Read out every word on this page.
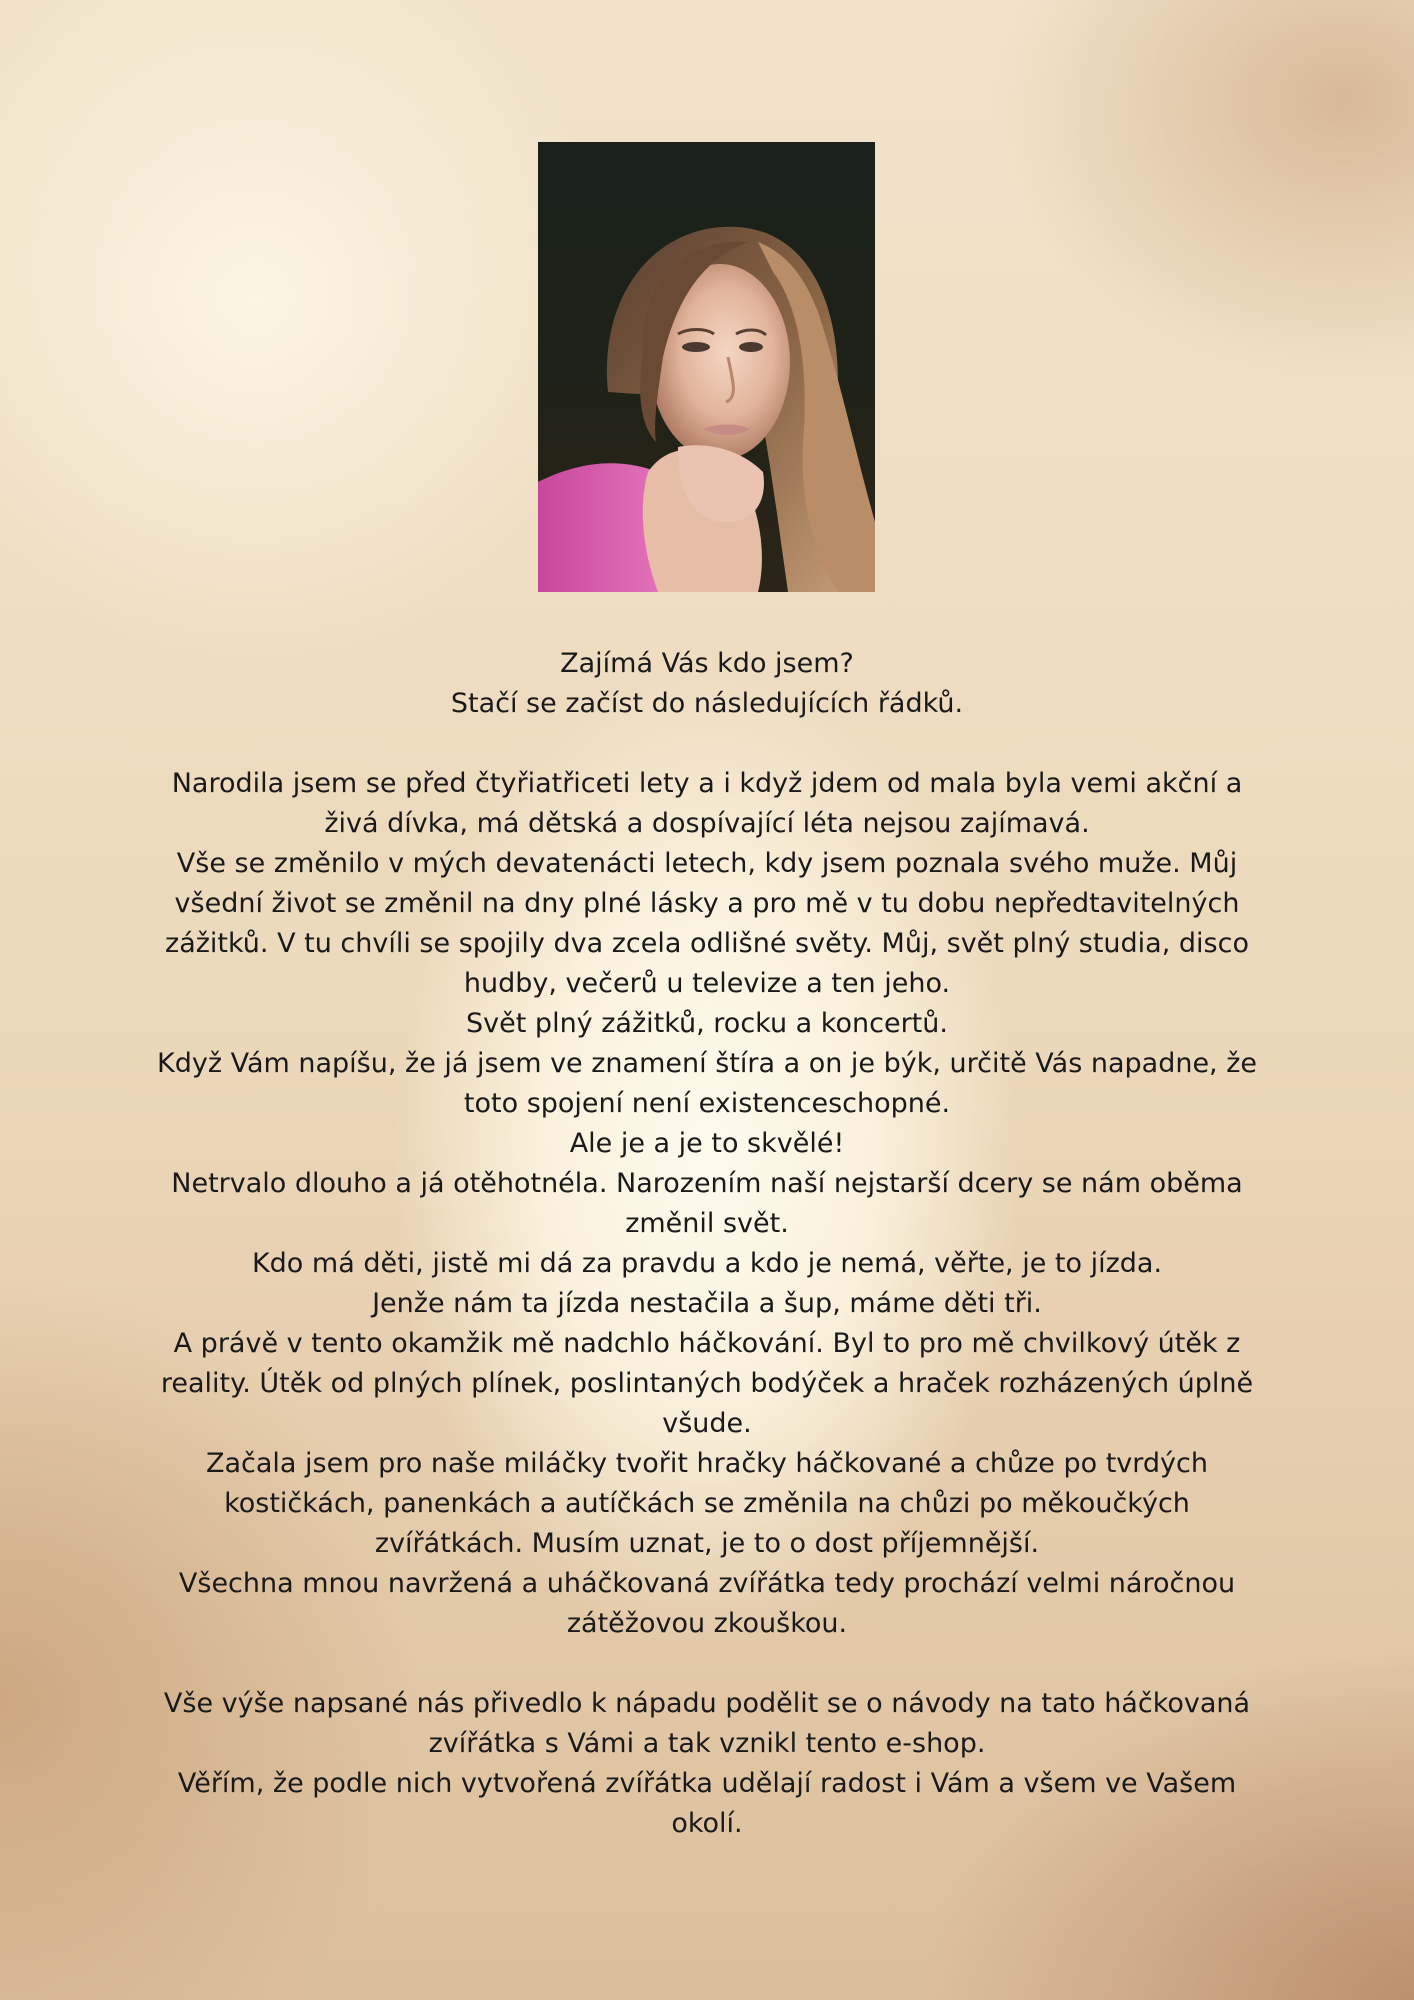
Zajímá Vás kdo jsem?

Stačí se začíst do následujících řádků.

Narodila jsem se před čtyřiatřiceti lety a i když jdem od mala byla vemi akční a živá dívka, má dětská a dospívající léta nejsou zajímavá.

Vše se změnilo v mých devatenácti letech, kdy jsem poznala svého muže. Můj všední život se změnil na dny plné lásky a pro mě v tu dobu nepředtavitelných zážitků. V tu chvíli se spojily dva zcela odlišné světy. Můj, svět plný studia, disco hudby, večerů u televize a ten jeho.

Svět plný zážitků, rocku a koncertů.

Když Vám napíšu, že já jsem ve znamení štíra a on je býk, určitě Vás napadne, že toto spojení není existenceschopné.

Ale je a je to skvělé!

Netrvalo dlouho a já otěhotnéla. Narozením naší nejstarší dcery se nám oběma změnil svět.

Kdo má děti, jistě mi dá za pravdu a kdo je nemá, věřte, je to jízda.

Jenže nám ta jízda nestačila a šup, máme děti tři.

A právě v tento okamžik mě nadchlo háčkování. Byl to pro mě chvilkový útěk z reality. Útěk od plných plínek, poslintaných bodýček a hraček rozházených úplně všude.

Začala jsem pro naše miláčky tvořit hračky háčkované a chůze po tvrdých kostičkách, panenkách a autíčkách se změnila na chůzi po měkoučkých zvířátkách. Musím uznat, je to o dost příjemnější.

Všechna mnou navržená a uháčkovaná zvířátka tedy prochází velmi náročnou zátěžovou zkouškou.

Vše výše napsané nás přivedlo k nápadu podělit se o návody na tato háčkovaná zvířátka s Vámi a tak vznikl tento e-shop.

Věřím, že podle nich vytvořená zvířátka udělají radost i Vám a všem ve Vašem okolí.
